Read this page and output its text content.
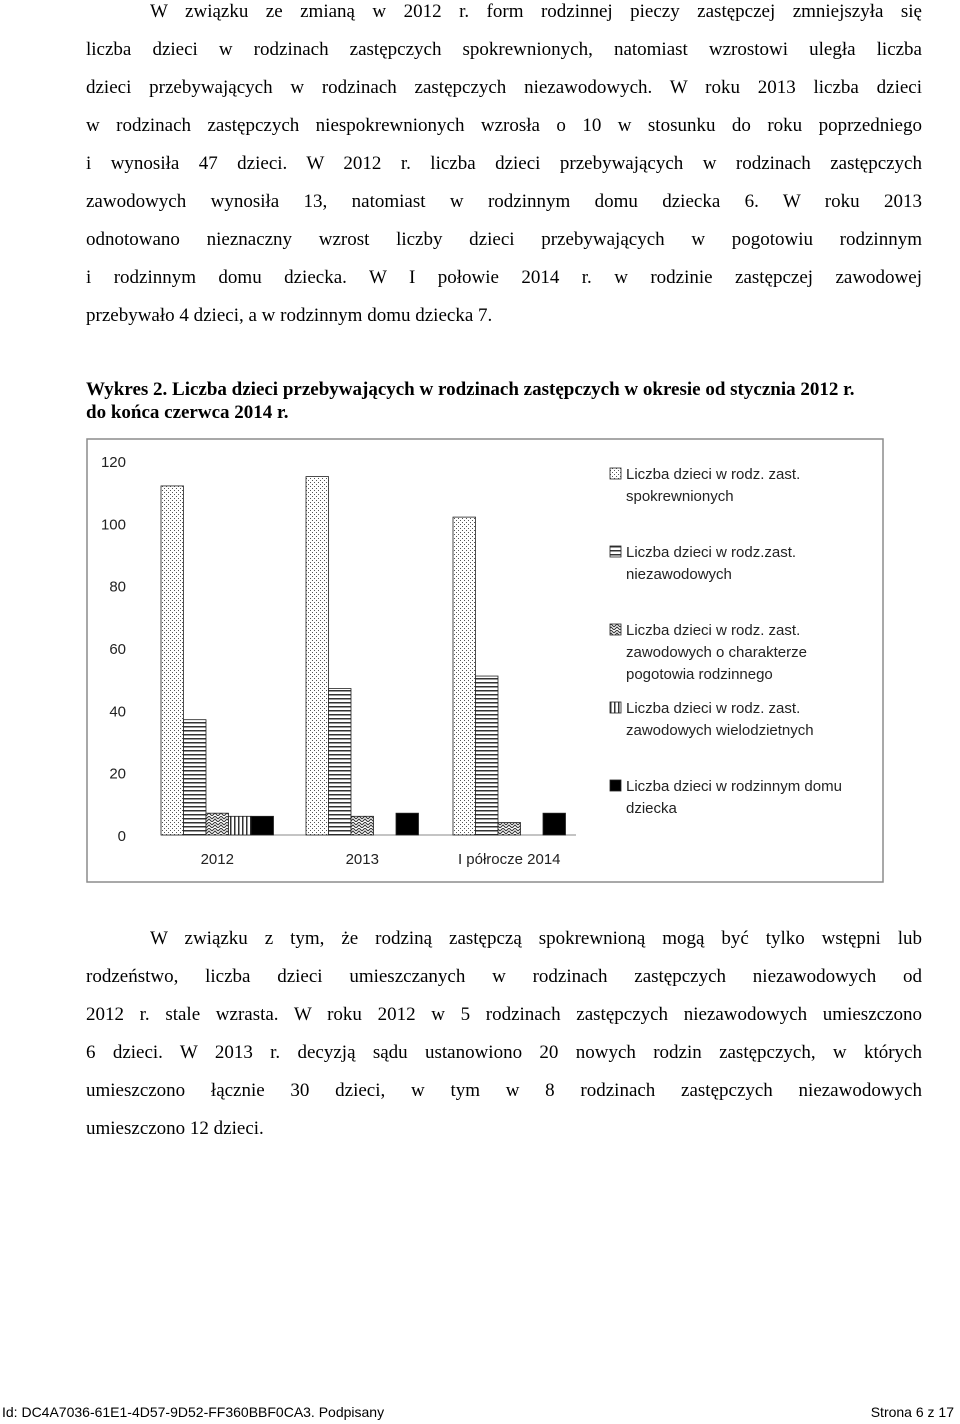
W związku ze zmianą w 2012 r. form rodzinnej pieczy zastępczej zmniejszyła się
liczba dzieci w rodzinach zastępczych spokrewnionych, natomiast wzrostowi uległa liczba
dzieci przebywających w rodzinach zastępczych niezawodowych. W roku 2013 liczba dzieci
w rodzinach zastępczych niespokrewnionych wzrosła o 10 w stosunku do roku poprzedniego
i wynosiła 47 dzieci. W 2012 r. liczba dzieci przebywających w rodzinach zastępczych
zawodowych wynosiła 13, natomiast w rodzinnym domu dziecka 6. W roku 2013
odnotowano nieznaczny wzrost liczby dzieci przebywających w pogotowiu rodzinnym
i rodzinnym domu dziecka. W I połowie 2014 r. w rodzinie zastępczej zawodowej
przebywało 4 dzieci, a w rodzinnym domu dziecka 7.
Wykres 2. Liczba dzieci przebywających w rodzinach zastępczych w okresie od stycznia 2012 r.
do końca czerwca 2014 r.
0
20
40
60
80
100
120
2012	2013	I półrocze 2014
Liczba dzieci w rodz. zast.
spokrewnionych
Liczba dzieci w rodz.zast.
niezawodowych
Liczba dzieci w rodz. zast.
zawodowych o charakterze
pogotowia rodzinnego
Liczba dzieci w rodz. zast.
zawodowych wielodzietnych
Liczba dzieci w rodzinnym domu
dziecka
W związku z tym, że rodziną zastępczą spokrewnioną mogą być tylko wstępni lub
rodzeństwo, liczba dzieci umieszczanych w rodzinach zastępczych niezawodowych od
2012 r. stale wzrasta. W roku 2012 w 5 rodzinach zastępczych niezawodowych umieszczono
6 dzieci. W 2013 r. decyzją sądu ustanowiono 20 nowych rodzin zastępczych, w których
umieszczono łącznie 30 dzieci, w tym w 8 rodzinach zastępczych niezawodowych
umieszczono 12 dzieci.
Id: DC4A7036-61E1-4D57-9D52-FF360BBF0CA3. Podpisany	Strona 6 z 17
